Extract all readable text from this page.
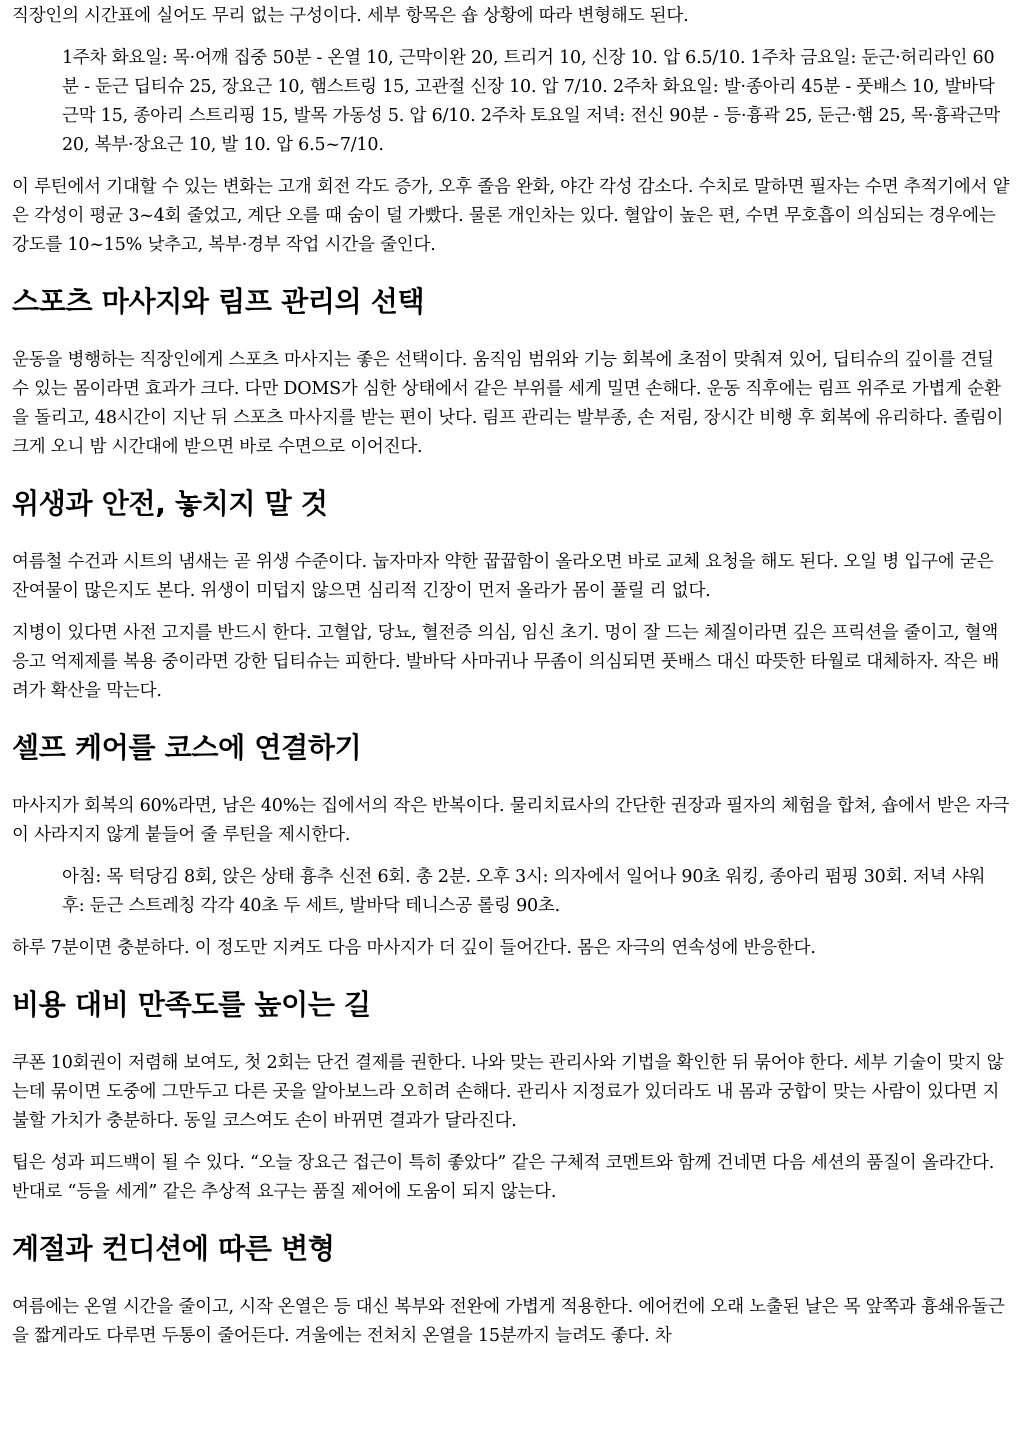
직장인의 시간표에 실어도 무리 없는 구성이다. 세부 항목은 숍 상황에 따라 변형해도 된다.

1주차 화요일: 목·어깨 집중 50분 - 온열 10, 근막이완 20, 트리거 10, 신장 10. 압 6.5/10. 1주차 금요일: 둔근·허리라인 60분 - 둔근 딥티슈 25, 장요근 10, 햄스트링 15, 고관절 신장 10. 압 7/10. 2주차 화요일: 발·종아리 45분 - 풋배스 10, 발바닥 근막 15, 종아리 스트리핑 15, 발목 가동성 5. 압 6/10. 2주차 토요일 저녁: 전신 90분 - 등·흉곽 25, 둔근·햄 25, 목·흉곽근막 20, 복부·장요근 10, 발 10. 압 6.5~7/10.

이 루틴에서 기대할 수 있는 변화는 고개 회전 각도 증가, 오후 졸음 완화, 야간 각성 감소다. 수치로 말하면 필자는 수면 추적기에서 얕은 각성이 평균 3~4회 줄었고, 계단 오를 때 숨이 덜 가빴다. 물론 개인차는 있다. 혈압이 높은 편, 수면 무호흡이 의심되는 경우에는 강도를 10~15% 낮추고, 복부·경부 작업 시간을 줄인다.

스포츠 마사지와 림프 관리의 선택

운동을 병행하는 직장인에게 스포츠 마사지는 좋은 선택이다. 움직임 범위와 기능 회복에 초점이 맞춰져 있어, 딥티슈의 깊이를 견딜 수 있는 몸이라면 효과가 크다. 다만 DOMS가 심한 상태에서 같은 부위를 세게 밀면 손해다. 운동 직후에는 림프 위주로 가볍게 순환을 돌리고, 48시간이 지난 뒤 스포츠 마사지를 받는 편이 낫다. 림프 관리는 발부종, 손 저림, 장시간 비행 후 회복에 유리하다. 졸림이 크게 오니 밤 시간대에 받으면 바로 수면으로 이어진다.

위생과 안전, 놓치지 말 것

여름철 수건과 시트의 냄새는 곧 위생 수준이다. 눕자마자 약한 꿉꿉함이 올라오면 바로 교체 요청을 해도 된다. 오일 병 입구에 굳은 잔여물이 많은지도 본다. 위생이 미덥지 않으면 심리적 긴장이 먼저 올라가 몸이 풀릴 리 없다.

지병이 있다면 사전 고지를 반드시 한다. 고혈압, 당뇨, 혈전증 의심, 임신 초기. 멍이 잘 드는 체질이라면 깊은 프릭션을 줄이고, 혈액응고 억제제를 복용 중이라면 강한 딥티슈는 피한다. 발바닥 사마귀나 무좀이 의심되면 풋배스 대신 따뜻한 타월로 대체하자. 작은 배려가 확산을 막는다.

셀프 케어를 코스에 연결하기

마사지가 회복의 60%라면, 남은 40%는 집에서의 작은 반복이다. 물리치료사의 간단한 권장과 필자의 체험을 합쳐, 숍에서 받은 자극이 사라지지 않게 붙들어 줄 루틴을 제시한다.

아침: 목 턱당김 8회, 앉은 상태 흉추 신전 6회. 총 2분. 오후 3시: 의자에서 일어나 90초 워킹, 종아리 펌핑 30회. 저녁 샤워 후: 둔근 스트레칭 각각 40초 두 세트, 발바닥 테니스공 롤링 90초.

하루 7분이면 충분하다. 이 정도만 지켜도 다음 마사지가 더 깊이 들어간다. 몸은 자극의 연속성에 반응한다.

비용 대비 만족도를 높이는 길

쿠폰 10회권이 저렴해 보여도, 첫 2회는 단건 결제를 권한다. 나와 맞는 관리사와 기법을 확인한 뒤 묶어야 한다. 세부 기술이 맞지 않는데 묶이면 도중에 그만두고 다른 곳을 알아보느라 오히려 손해다. 관리사 지정료가 있더라도 내 몸과 궁합이 맞는 사람이 있다면 지불할 가치가 충분하다. 동일 코스여도 손이 바뀌면 결과가 달라진다.

팁은 성과 피드백이 될 수 있다. “오늘 장요근 접근이 특히 좋았다” 같은 구체적 코멘트와 함께 건네면 다음 세션의 품질이 올라간다. 반대로 “등을 세게” 같은 추상적 요구는 품질 제어에 도움이 되지 않는다.

계절과 컨디션에 따른 변형

여름에는 온열 시간을 줄이고, 시작 온열은 등 대신 복부와 전완에 가볍게 적용한다. 에어컨에 오래 노출된 날은 목 앞쪽과 흉쇄유돌근을 짧게라도 다루면 두통이 줄어든다. 겨울에는 전처치 온열을 15분까지 늘려도 좋다. 차
